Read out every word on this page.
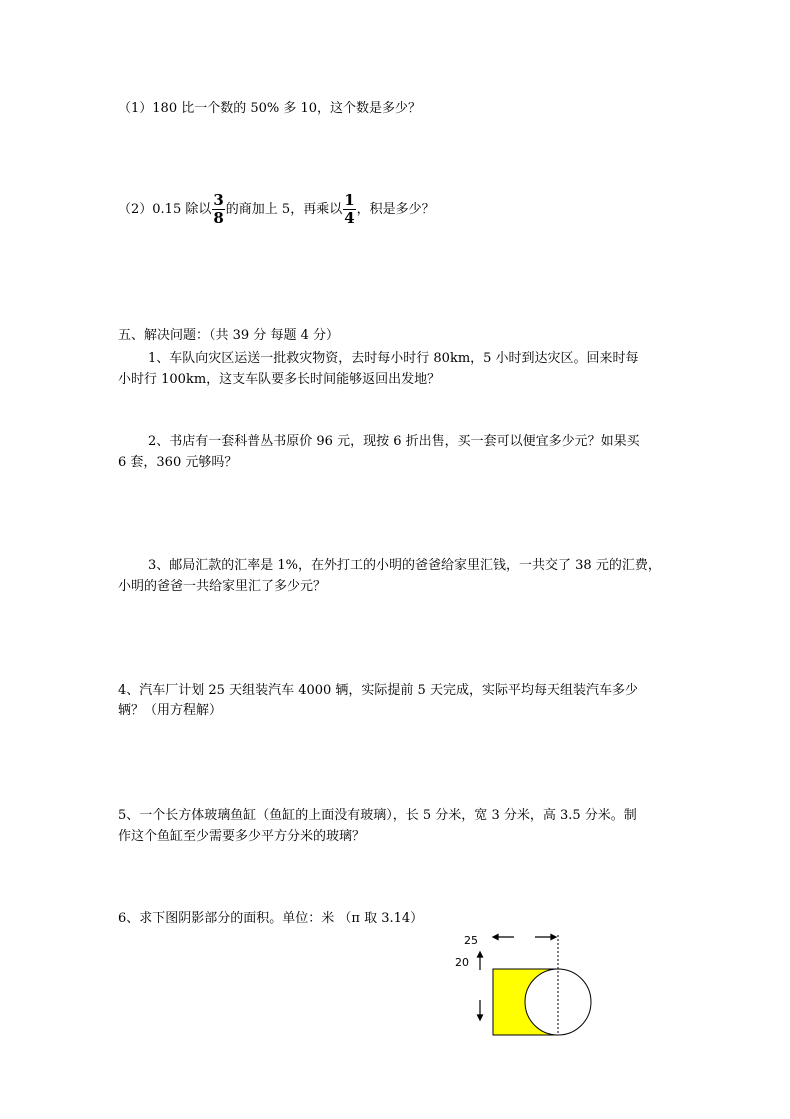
（1）180 比一个数的 50% 多 10，这个数是多少？
（2）0.15 除以 $\frac{3}{8}$ 的商加上 5，再乘以 $\frac{1}{4}$ ，积是多少？
五、解决问题：（共 39 分 每题 4 分）
1、车队向灾区运送一批救灾物资，去时每小时行 80km，5 小时到达灾区。回来时每
小时行 100km，这支车队要多长时间能够返回出发地？
2、书店有一套科普丛书原价 96 元，现按 6 折出售，买一套可以便宜多少元？如果买
6 套，360 元够吗？
3、邮局汇款的汇率是 1%，在外打工的小明的爸爸给家里汇钱，一共交了 38 元的汇费，
小明的爸爸一共给家里汇了多少元？
4、汽车厂计划 25 天组装汽车 4000 辆，实际提前 5 天完成，实际平均每天组装汽车多少
辆？（用方程解）
5、一个长方体玻璃鱼缸（鱼缸的上面没有玻璃），长 5 分米，宽 3 分米，高 3.5 分米。制
作这个鱼缸至少需要多少平方分米的玻璃？
6、求下图阴影部分的面积。单位：米 （π 取 3.14）
25
20
